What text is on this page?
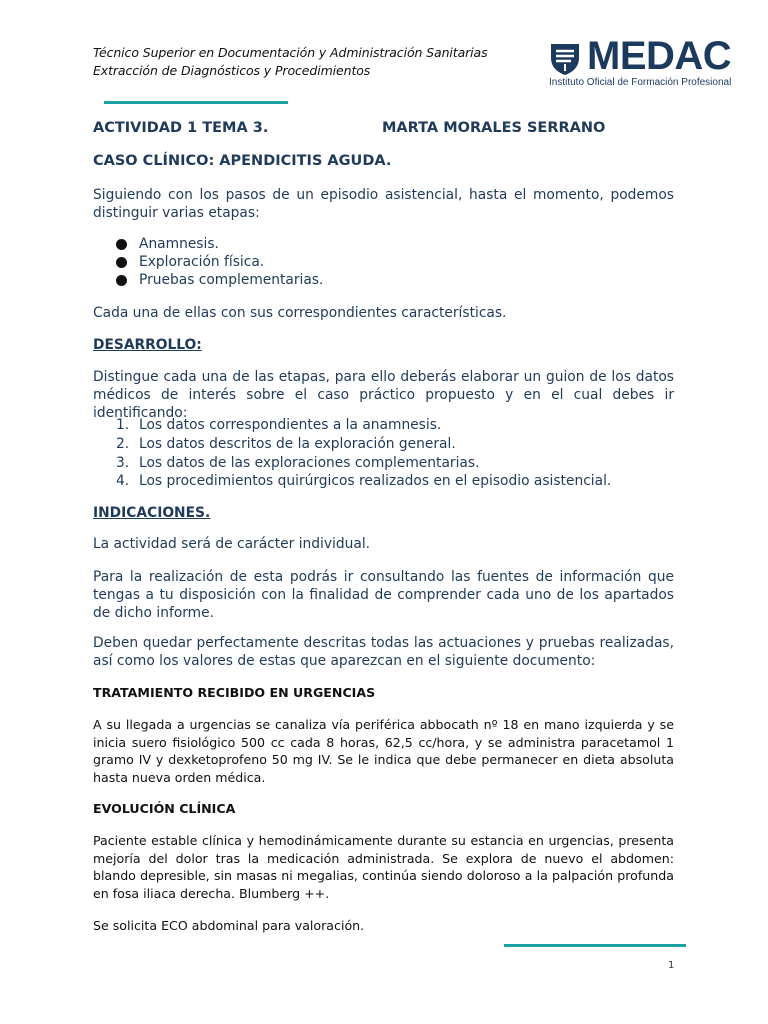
Técnico Superior en Documentación y Administración Sanitarias
Extracción de Diagnósticos y Procedimientos	MEDAC
Instituto Oficial de Formación Profesional
ACTIVIDAD 1 TEMA 3.	MARTA MORALES SERRANO
CASO CLÍNICO: APENDICITIS AGUDA.
Siguiendo con los pasos de un episodio asistencial, hasta el momento, podemos distinguir varias etapas:
Anamnesis.
Exploración física.
Pruebas complementarias.
Cada una de ellas con sus correspondientes características.
DESARROLLO:
Distingue cada una de las etapas, para ello deberás elaborar un guion de los datos médicos de interés sobre el caso práctico propuesto y en el cual debes ir identificando:
1. Los datos correspondientes a la anamnesis.
2. Los datos descritos de la exploración general.
3. Los datos de las exploraciones complementarias.
4. Los procedimientos quirúrgicos realizados en el episodio asistencial.
INDICACIONES.
La actividad será de carácter individual.
Para la realización de esta podrás ir consultando las fuentes de información que tengas a tu disposición con la finalidad de comprender cada uno de los apartados de dicho informe.
Deben quedar perfectamente descritas todas las actuaciones y pruebas realizadas, así como los valores de estas que aparezcan en el siguiente documento:
TRATAMIENTO RECIBIDO EN URGENCIAS
A su llegada a urgencias se canaliza vía periférica abbocath nº 18 en mano izquierda y se inicia suero fisiológico 500 cc cada 8 horas, 62,5 cc/hora, y se administra paracetamol 1 gramo IV y dexketoprofeno 50 mg IV. Se le indica que debe permanecer en dieta absoluta hasta nueva orden médica.
EVOLUCIÓN CLÍNICA
Paciente estable clínica y hemodinámicamente durante su estancia en urgencias, presenta mejoría del dolor tras la medicación administrada. Se explora de nuevo el abdomen: blando depresible, sin masas ni megalias, continúa siendo doloroso a la palpación profunda en fosa iliaca derecha. Blumberg ++.
Se solicita ECO abdominal para valoración.
1
